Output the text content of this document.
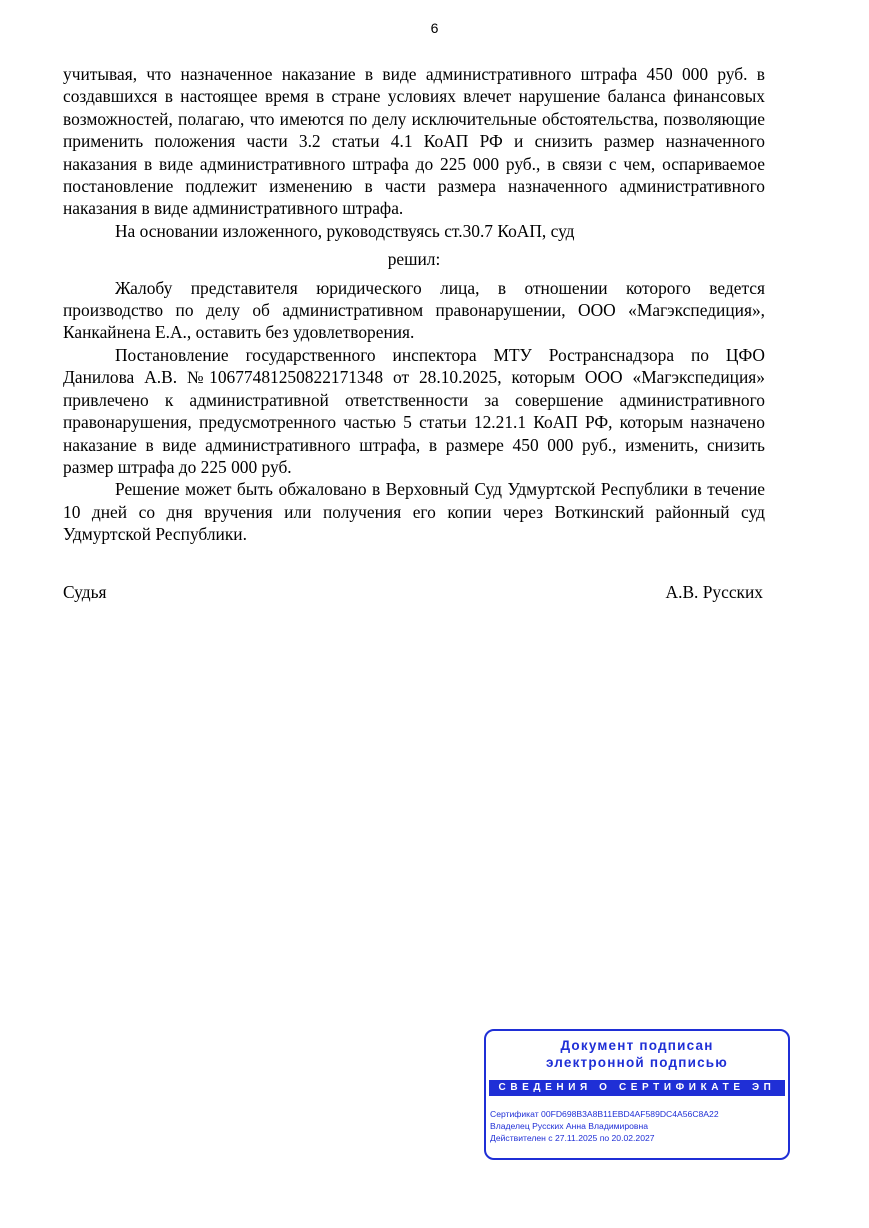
6

учитывая, что назначенное наказание в виде административного штрафа 450 000 руб. в создавшихся в настоящее время в стране условиях влечет нарушение баланса финансовых возможностей, полагаю, что имеются по делу исключительные обстоятельства, позволяющие применить положения части 3.2 статьи 4.1 КоАП РФ и снизить размер назначенного наказания в виде административного штрафа до 225 000 руб., в связи с чем, оспариваемое постановление подлежит изменению в части размера назначенного административного наказания в виде административного штрафа.

На основании изложенного, руководствуясь ст.30.7 КоАП, суд

решил:

Жалобу представителя юридического лица, в отношении которого ведется производство по делу об административном правонарушении, ООО «Магэкспедиция», Канкайнена Е.А., оставить без удовлетворения.

Постановление государственного инспектора МТУ Ространснадзора по ЦФО Данилова А.В. №10677481250822171348 от 28.10.2025, которым ООО «Магэкспедиция» привлечено к административной ответственности за совершение административного правонарушения, предусмотренного частью 5 статьи 12.21.1 КоАП РФ, которым назначено наказание в виде административного штрафа, в размере 450 000 руб., изменить, снизить размер штрафа до 225 000 руб.

Решение может быть обжаловано в Верховный Суд Удмуртской Республики в течение 10 дней со дня вручения или получения его копии через Воткинский районный суд Удмуртской Республики.

Судья	А.В. Русских
Документ подписан
электронной подписью
СВЕДЕНИЯ О СЕРТИФИКАТЕ ЭП
Сертификат 00FD698B3A8B11EBD4AF589DC4A56C8A22
Владелец Русских Анна Владимировна
Действителен с 27.11.2025 по 20.02.2027
